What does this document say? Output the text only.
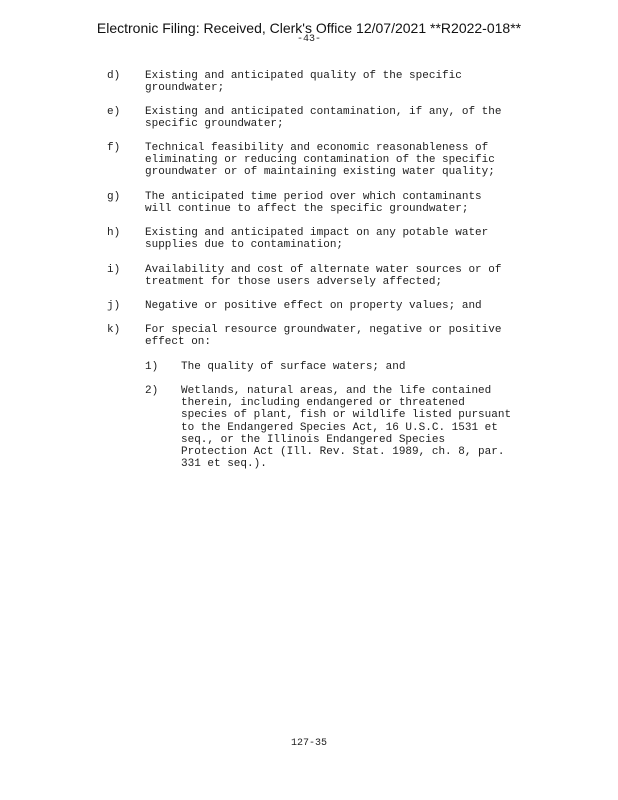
Electronic Filing: Received, Clerk's Office 12/07/2021 **R2022-018**
-43-
d) Existing and anticipated quality of the specific
groundwater;
e) Existing and anticipated contamination, if any, of the
specific groundwater;
f) Technical feasibility and economic reasonableness of
eliminating or reducing contamination of the specific
groundwater or of maintaining existing water quality;
g) The anticipated time period over which contaminants
will continue to affect the specific groundwater;
h) Existing and anticipated impact on any potable water
supplies due to contamination;
i) Availability and cost of alternate water sources or of
treatment for those users adversely affected;
j) Negative or positive effect on property values; and
k) For special resource groundwater, negative or positive
effect on:
1) The quality of surface waters; and
2) Wetlands, natural areas, and the life contained
therein, including endangered or threatened
species of plant, fish or wildlife listed pursuant
to the Endangered Species Act, 16 U.S.C. 1531 et
seq., or the Illinois Endangered Species
Protection Act (Ill. Rev. Stat. 1989, ch. 8, par.
331 et seq.).
127-35
